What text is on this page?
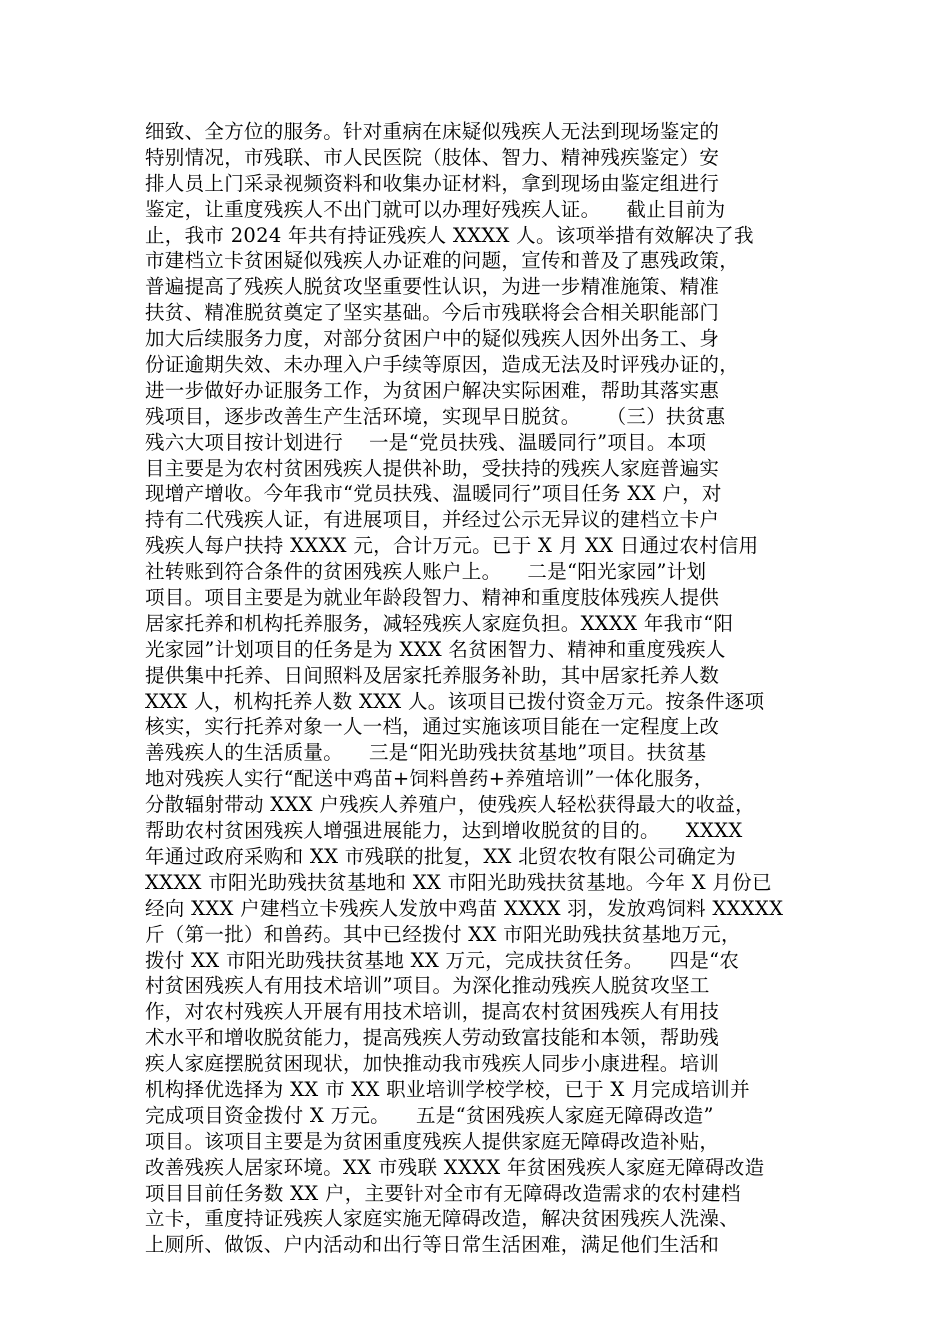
细致、全方位的服务。针对重病在床疑似残疾人无法到现场鉴定的
特别情况，市残联、市人民医院（肢体、智力、精神残疾鉴定）安
排人员上门采录视频资料和收集办证材料，拿到现场由鉴定组进行
鉴定，让重度残疾人不出门就可以办理好残疾人证。    截止目前为
止，我市 2024 年共有持证残疾人 XXXX 人。该项举措有效解决了我
市建档立卡贫困疑似残疾人办证难的问题，宣传和普及了惠残政策，
普遍提高了残疾人脱贫攻坚重要性认识，为进一步精准施策、精准
扶贫、精准脱贫奠定了坚实基础。今后市残联将会合相关职能部门
加大后续服务力度，对部分贫困户中的疑似残疾人因外出务工、身
份证逾期失效、未办理入户手续等原因，造成无法及时评残办证的，
进一步做好办证服务工作，为贫困户解决实际困难，帮助其落实惠
残项目，逐步改善生产生活环境，实现早日脱贫。    （三）扶贫惠
残六大项目按计划进行    一是“党员扶残、温暖同行”项目。本项
目主要是为农村贫困残疾人提供补助，受扶持的残疾人家庭普遍实
现增产增收。今年我市“党员扶残、温暖同行”项目任务 XX 户，对
持有二代残疾人证，有进展项目，并经过公示无异议的建档立卡户
残疾人每户扶持 XXXX 元，合计万元。已于 X 月 XX 日通过农村信用
社转账到符合条件的贫困残疾人账户上。    二是“阳光家园”计划
项目。项目主要是为就业年龄段智力、精神和重度肢体残疾人提供
居家托养和机构托养服务，减轻残疾人家庭负担。XXXX 年我市“阳
光家园”计划项目的任务是为 XXX 名贫困智力、精神和重度残疾人
提供集中托养、日间照料及居家托养服务补助，其中居家托养人数
XXX 人，机构托养人数 XXX 人。该项目已拨付资金万元。按条件逐项
核实，实行托养对象一人一档，通过实施该项目能在一定程度上改
善残疾人的生活质量。    三是“阳光助残扶贫基地”项目。扶贫基
地对残疾人实行“配送中鸡苗+饲料兽药+养殖培训”一体化服务，
分散辐射带动 XXX 户残疾人养殖户，使残疾人轻松获得最大的收益，
帮助农村贫困残疾人增强进展能力，达到增收脱贫的目的。    XXXX
年通过政府采购和 XX 市残联的批复，XX 北贸农牧有限公司确定为
XXXX 市阳光助残扶贫基地和 XX 市阳光助残扶贫基地。今年 X 月份已
经向 XXX 户建档立卡残疾人发放中鸡苗 XXXX 羽，发放鸡饲料 XXXXX
斤（第一批）和兽药。其中已经拨付 XX 市阳光助残扶贫基地万元，
拨付 XX 市阳光助残扶贫基地 XX 万元，完成扶贫任务。    四是“农
村贫困残疾人有用技术培训”项目。为深化推动残疾人脱贫攻坚工
作，对农村残疾人开展有用技术培训，提高农村贫困残疾人有用技
术水平和增收脱贫能力，提高残疾人劳动致富技能和本领，帮助残
疾人家庭摆脱贫困现状，加快推动我市残疾人同步小康进程。培训
机构择优选择为 XX 市 XX 职业培训学校学校，已于 X 月完成培训并
完成项目资金拨付 X 万元。    五是“贫困残疾人家庭无障碍改造”
项目。该项目主要是为贫困重度残疾人提供家庭无障碍改造补贴，
改善残疾人居家环境。XX 市残联 XXXX 年贫困残疾人家庭无障碍改造
项目目前任务数 XX 户，主要针对全市有无障碍改造需求的农村建档
立卡，重度持证残疾人家庭实施无障碍改造，解决贫困残疾人洗澡、
上厕所、做饭、户内活动和出行等日常生活困难，满足他们生活和
